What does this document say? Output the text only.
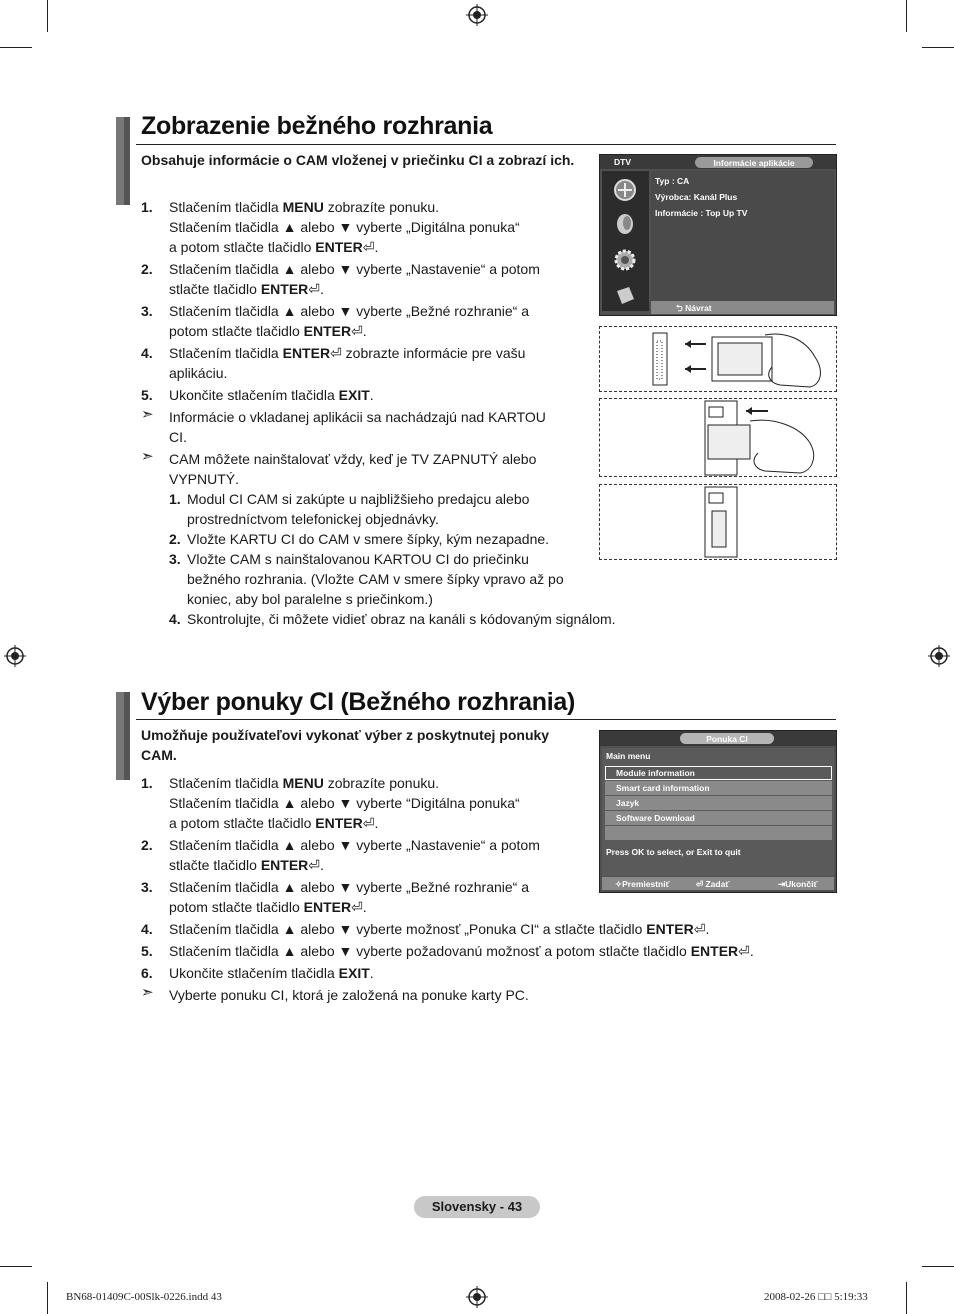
Zobrazenie bežného rozhrania
Obsahuje informácie o CAM vloženej v priečinku CI a zobrazí ich.
1. Stlačením tlačidla MENU zobrazíte ponuku.
Stlačením tlačidla ▲ alebo ▼ vyberte „Digitálna ponuka“
a potom stlačte tlačidlo ENTER⏎.
2. Stlačením tlačidla ▲ alebo ▼ vyberte „Nastavenie“ a potom
stlačte tlačidlo ENTER⏎.
3. Stlačením tlačidla ▲ alebo ▼ vyberte „Bežné rozhranie“ a
potom stlačte tlačidlo ENTER⏎.
4. Stlačením tlačidla ENTER⏎ zobrazte informácie pre vašu
aplikáciu.
5. Ukončite stlačením tlačidla EXIT.
➣ Informácie o vkladanej aplikácii sa nachádzajú nad KARTOU
CI.
➣ CAM môžete nainštalovať vždy, keď je TV ZAPNUTÝ alebo
VYPNUTÝ.
1. Modul CI CAM si zakúpte u najbližšieho predajcu alebo
prostredníctvom telefonickej objednávky.
2. Vložte KARTU CI do CAM v smere šípky, kým nezapadne.
3. Vložte CAM s nainštalovanou KARTOU CI do priečinku
bežného rozhrania. (Vložte CAM v smere šípky vpravo až po
koniec, aby bol paralelne s priečinkom.)
4. Skontrolujte, či môžete vidieť obraz na kanáli s kódovaným signálom.
DTV	Informácie aplikácie
Typ : CA
Výrobca: Kanál Plus
Informácie : Top Up TV
⮌ Návrat
Výber ponuky CI (Bežného rozhrania)
Umožňuje používateľovi vykonať výber z poskytnutej ponuky CAM.
1. Stlačením tlačidla MENU zobrazíte ponuku.
Stlačením tlačidla ▲ alebo ▼ vyberte “Digitálna ponuka“
a potom stlačte tlačidlo ENTER⏎.
2. Stlačením tlačidla ▲ alebo ▼ vyberte „Nastavenie“ a potom
stlačte tlačidlo ENTER⏎.
3. Stlačením tlačidla ▲ alebo ▼ vyberte „Bežné rozhranie“ a
potom stlačte tlačidlo ENTER⏎.
4. Stlačením tlačidla ▲ alebo ▼ vyberte možnosť „Ponuka CI“ a stlačte tlačidlo ENTER⏎.
5. Stlačením tlačidla ▲ alebo ▼ vyberte požadovanú možnosť a potom stlačte tlačidlo ENTER⏎.
6. Ukončite stlačením tlačidla EXIT.
➣ Vyberte ponuku CI, ktorá je založená na ponuke karty PC.
Ponuka CI
Main menu
Press OK to select, or Exit to quit
✧Premiestniť	⏎ Zadať	⇥Ukončiť
Module information
Smart card information
Jazyk
Software Download
Slovensky - 43
BN68-01409C-00Slk-0226.indd 43	2008-02-26 □□ 5:19:33
